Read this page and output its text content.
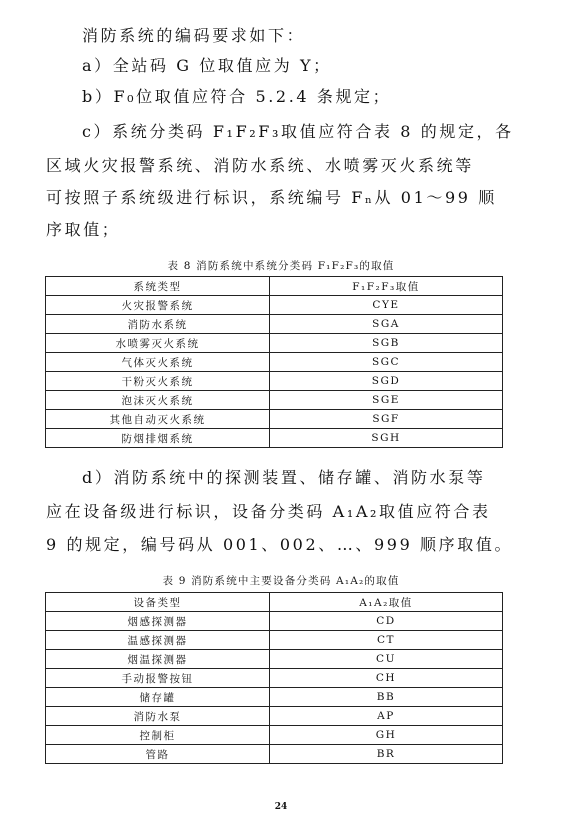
消防系统的编码要求如下：

a）全站码 G 位取值应为 Y；

b）F₀位取值应符合 5.2.4 条规定；

c）系统分类码 F₁F₂F₃取值应符合表 8 的规定，各

区域火灾报警系统、消防水系统、水喷雾灭火系统等

可按照子系统级进行标识，系统编号 Fₙ从 01～99 顺

序取值；

表 8 消防系统中系统分类码 F₁F₂F₃的取值

系统类型	F₁F₂F₃取值
火灾报警系统	CYE
消防水系统	SGA
水喷雾灭火系统	SGB
气体灭火系统	SGC
干粉灭火系统	SGD
泡沫灭火系统	SGE
其他自动灭火系统	SGF
防烟排烟系统	SGH

d）消防系统中的探测装置、储存罐、消防水泵等

应在设备级进行标识，设备分类码 A₁A₂取值应符合表

9 的规定，编号码从 001、002、…、999 顺序取值。

表 9 消防系统中主要设备分类码 A₁A₂的取值

设备类型	A₁A₂取值
烟感探测器	CD
温感探测器	CT
烟温探测器	CU
手动报警按钮	CH
储存罐	BB
消防水泵	AP
控制柜	GH
管路	BR
24
